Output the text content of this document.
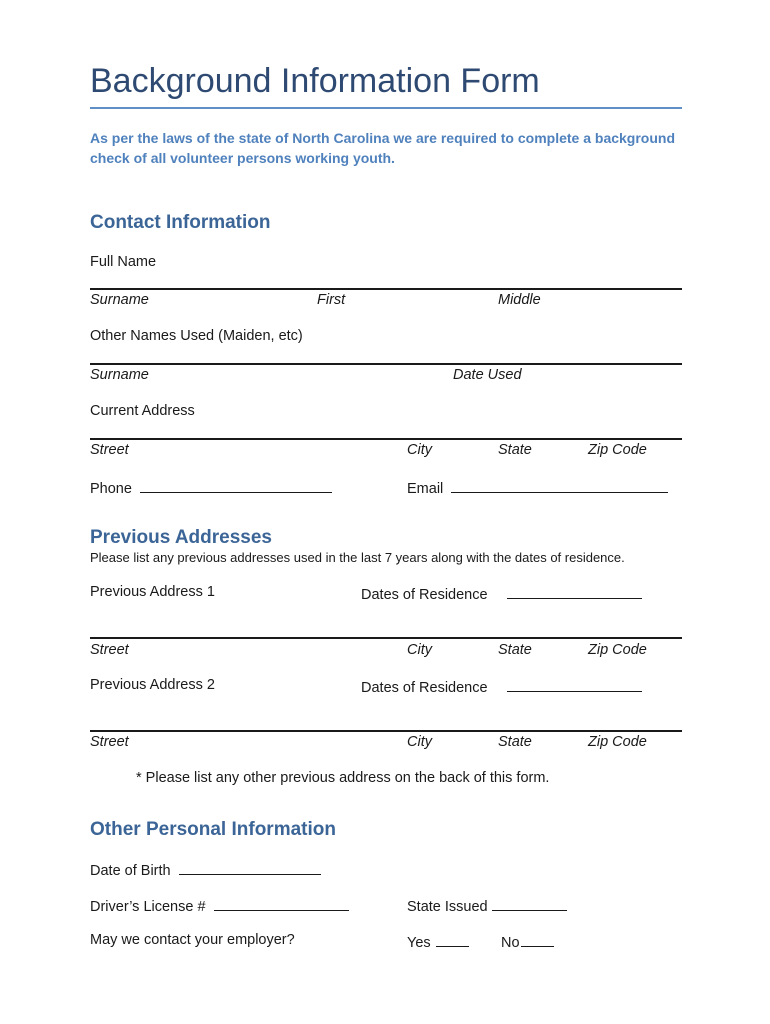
Background Information Form
As per the laws of the state of North Carolina we are required to complete a background check of all volunteer persons working youth.
Contact Information
Full Name
Surname	First	Middle
Other Names Used (Maiden, etc)
Surname	Date Used
Current Address
Street	City	State	Zip Code
Phone	Email
Previous Addresses
Please list any previous addresses used in the last 7 years along with the dates of residence.
Previous Address 1	Dates of Residence
Street	City	State	Zip Code
Previous Address 2	Dates of Residence
Street	City	State	Zip Code
* Please list any other previous address on the back of this form.
Other Personal Information
Date of Birth
Driver’s License #	State Issued
May we contact your employer?	Yes	No
